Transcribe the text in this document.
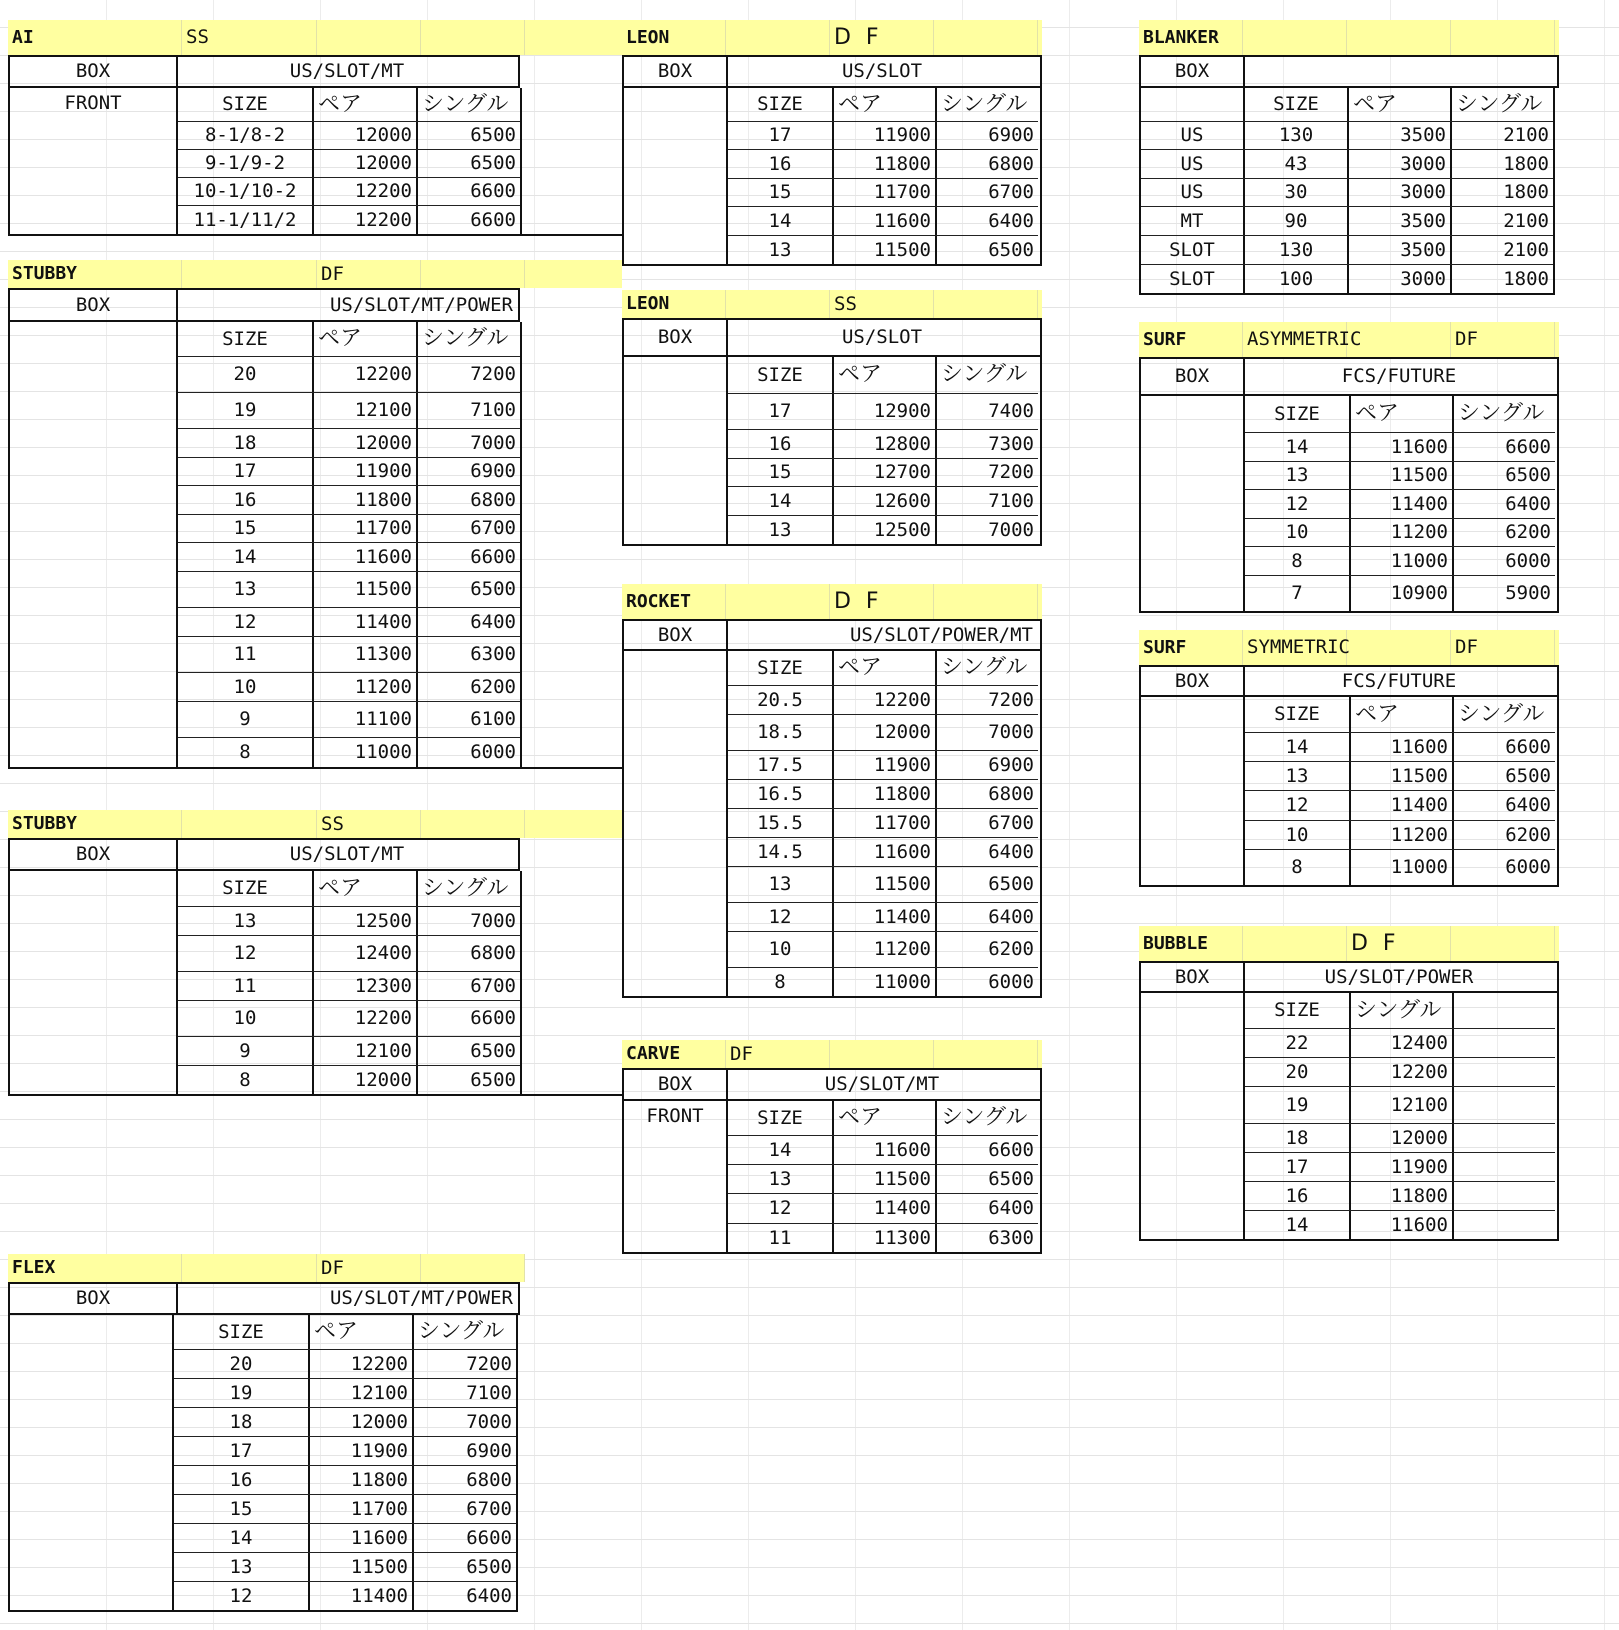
AI	SS
BOX	US/SLOT/MT
FRONT	SIZE	ペア	シングル
8-1/8-2	12000	6500
9-1/9-2	12000	6500
10-1/10-2	12200	6600
11-1/11/2	12200	6600
STUBBY	DF
BOX	US/SLOT/MT/POWER
SIZE	ペア	シングル
20	12200	7200
19	12100	7100
18	12000	7000
17	11900	6900
16	11800	6800
15	11700	6700
14	11600	6600
13	11500	6500
12	11400	6400
11	11300	6300
10	11200	6200
9	11100	6100
8	11000	6000
STUBBY	SS
BOX	US/SLOT/MT
SIZE	ペア	シングル
13	12500	7000
12	12400	6800
11	12300	6700
10	12200	6600
9	12100	6500
8	12000	6500
FLEX	DF
BOX	US/SLOT/MT/POWER
SIZE	ペア	シングル
20	12200	7200
19	12100	7100
18	12000	7000
17	11900	6900
16	11800	6800
15	11700	6700
14	11600	6600
13	11500	6500
12	11400	6400
LEON	D F
BOX	US/SLOT
SIZE	ペア	シングル
17	11900	6900
16	11800	6800
15	11700	6700
14	11600	6400
13	11500	6500
LEON	SS
BOX	US/SLOT
SIZE	ペア	シングル
17	12900	7400
16	12800	7300
15	12700	7200
14	12600	7100
13	12500	7000
ROCKET	D F
BOX	US/SLOT/POWER/MT
SIZE	ペア	シングル
20.5	12200	7200
18.5	12000	7000
17.5	11900	6900
16.5	11800	6800
15.5	11700	6700
14.5	11600	6400
13	11500	6500
12	11400	6400
10	11200	6200
8	11000	6000
CARVE	DF
BOX	US/SLOT/MT
FRONT	SIZE	ペア	シングル
14	11600	6600
13	11500	6500
12	11400	6400
11	11300	6300
BLANKER
BOX
SIZE	ペア	シングル
US	130	3500	2100
US	43	3000	1800
US	30	3000	1800
MT	90	3500	2100
SLOT	130	3500	2100
SLOT	100	3000	1800
SURF	ASYMMETRIC	DF
BOX	FCS/FUTURE
SIZE	ペア	シングル
14	11600	6600
13	11500	6500
12	11400	6400
10	11200	6200
8	11000	6000
7	10900	5900
SURF	SYMMETRIC	DF
BOX	FCS/FUTURE
SIZE	ペア	シングル
14	11600	6600
13	11500	6500
12	11400	6400
10	11200	6200
8	11000	6000
BUBBLE	D F
BOX	US/SLOT/POWER
SIZE	シングル
22	12400
20	12200
19	12100
18	12000
17	11900
16	11800
14	11600
